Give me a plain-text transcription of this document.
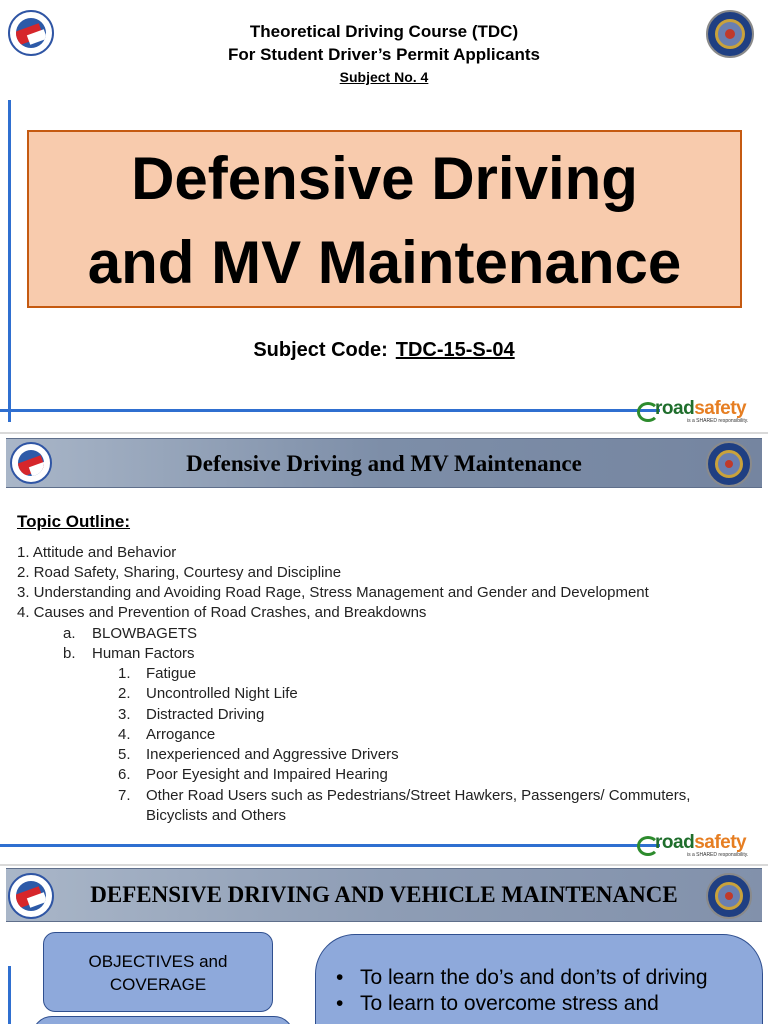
Theoretical Driving Course (TDC)
For Student Driver’s Permit Applicants
Subject No. 4
Defensive Driving
and MV Maintenance
Subject Code: TDC-15-S-04
roadsafety
is a SHARED responsibility.
Defensive Driving and MV Maintenance
Topic Outline:
1. Attitude and Behavior
2. Road Safety, Sharing, Courtesy and Discipline
3. Understanding and Avoiding Road Rage, Stress Management and Gender and Development
4. Causes and Prevention of Road Crashes, and Breakdowns
a. BLOWBAGETS
b. Human Factors
1. Fatigue
2. Uncontrolled Night Life
3. Distracted Driving
4. Arrogance
5. Inexperienced and Aggressive Drivers
6. Poor Eyesight and Impaired Hearing
7. Other Road Users such as Pedestrians/Street Hawkers, Passengers/ Commuters,
Bicyclists and Others
roadsafety
is a SHARED responsibility.
DEFENSIVE DRIVING AND VEHICLE MAINTENANCE
OBJECTIVES and
COVERAGE	• To learn the do’s and don’ts of driving
• To learn to overcome stress and
